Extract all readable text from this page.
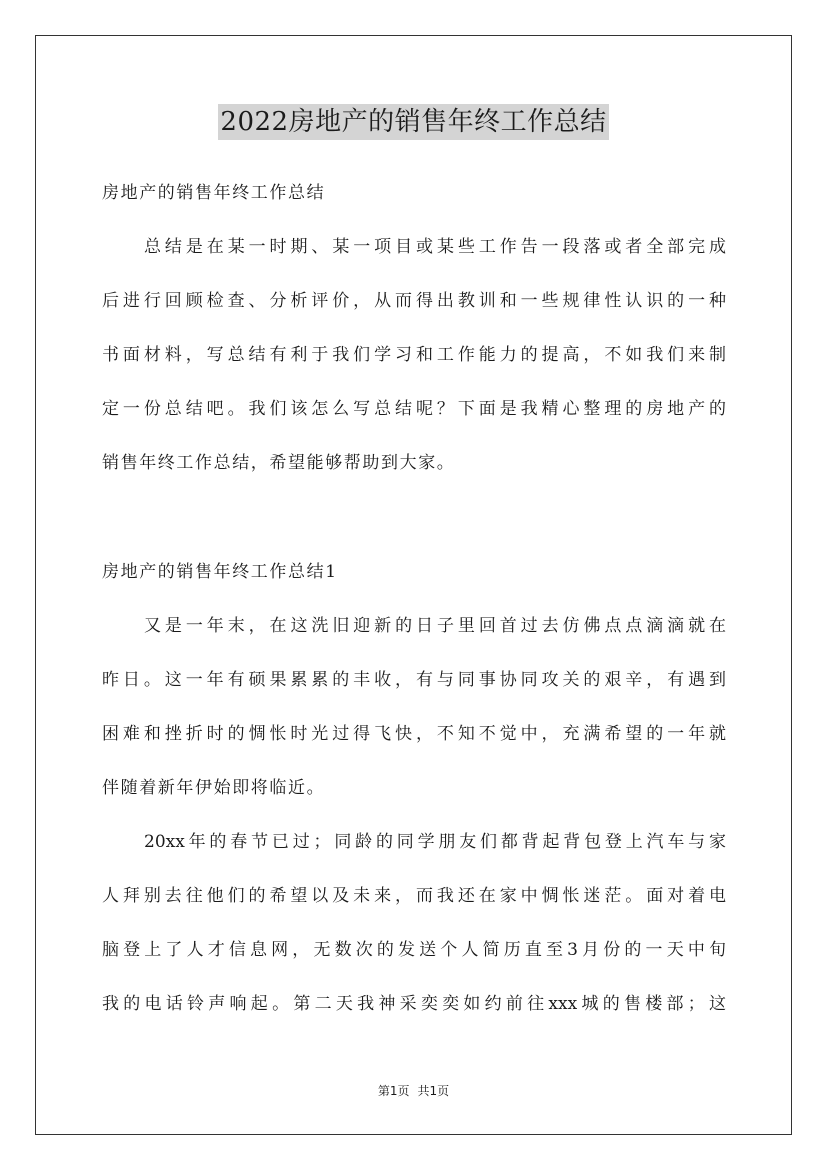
2022房地产的销售年终工作总结
房地产的销售年终工作总结
总结是在某一时期、某一项目或某些工作告一段落或者全部完成
后进行回顾检查、分析评价，从而得出教训和一些规律性认识的一种
书面材料，写总结有利于我们学习和工作能力的提高，不如我们来制
定一份总结吧。我们该怎么写总结呢？下面是我精心整理的房地产的
销售年终工作总结，希望能够帮助到大家。
房地产的销售年终工作总结1
又是一年末，在这洗旧迎新的日子里回首过去仿佛点点滴滴就在
昨日。这一年有硕果累累的丰收，有与同事协同攻关的艰辛，有遇到
困难和挫折时的惆怅时光过得飞快，不知不觉中，充满希望的一年就
伴随着新年伊始即将临近。
20xx年的春节已过；同龄的同学朋友们都背起背包登上汽车与家
人拜别去往他们的希望以及未来，而我还在家中惆怅迷茫。面对着电
脑登上了人才信息网，无数次的发送个人简历直至3月份的一天中旬
我的电话铃声响起。第二天我神采奕奕如约前往xxx城的售楼部；这
第1页 共1页
